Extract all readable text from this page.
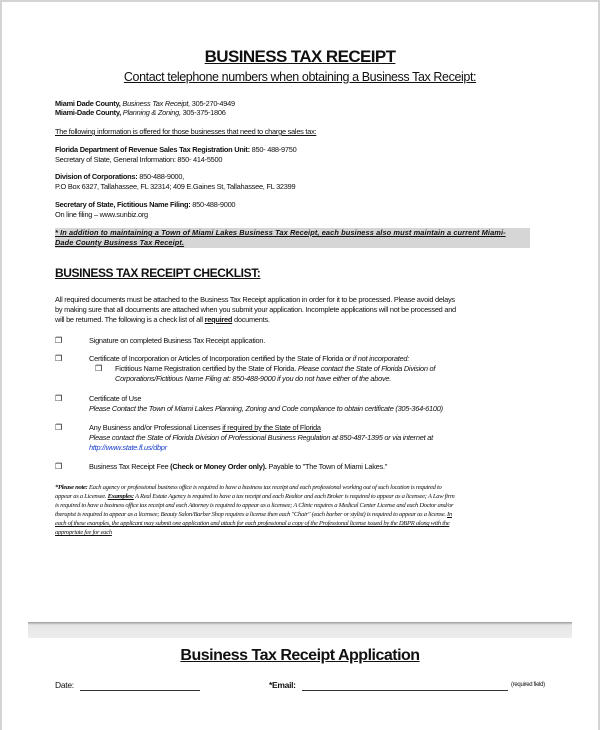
BUSINESS TAX RECEIPT
Contact telephone numbers when obtaining a Business Tax Receipt:
Miami Dade County, Business Tax Receipt, 305-270-4949
Miami-Dade County, Planning & Zoning, 305-375-1806
The following information is offered for those businesses that need to charge sales tax:
Florida Department of Revenue Sales Tax Registration Unit: 850- 488-9750
Secretary of State, General Information: 850- 414-5500
Division of Corporations: 850-488-9000,
P.O Box 6327, Tallahassee, FL 32314; 409 E.Gaines St, Tallahassee, FL 32399
Secretary of State, Fictitious Name Filing: 850-488-9000
On line filing – www.sunbiz.org
* In addition to maintaining a Town of Miami Lakes Business Tax Receipt, each business also must maintain a current Miami-
Dade County Business Tax Receipt.
BUSINESS TAX RECEIPT CHECKLIST:
All required documents must be attached to the Business Tax Receipt application in order for it to be processed. Please avoid delays
by making sure that all documents are attached when you submit your application. Incomplete applications will not be processed and
will be returned. The following is a check list of all required documents.
❒	Signature on completed Business Tax Receipt application.
❒	Certificate of Incorporation or Articles of Incorporation certified by the State of Florida or if not incorporated:
❒ Fictitious Name Registration certified by the State of Florida. Please contact the State of Florida Division of
Corporations/Fictitious Name Filing at: 850-488-9000 if you do not have either of the above.
❒	Certificate of Use
Please Contact the Town of Miami Lakes Planning, Zoning and Code compliance to obtain certificate (305-364-6100)
❒	Any Business and/or Professional Licenses if required by the State of Florida
Please contact the State of Florida Division of Professional Business Regulation at 850-487-1395 or via internet at
http://www.state.fl.us/dbpr
❒	Business Tax Receipt Fee (Check or Money Order only). Payable to "The Town of Miami Lakes."
*Please note: Each agency or professional business office is required to have a business tax receipt and each professional working out of such location is required to
appear as a Licensee. Examples: A Real Estate Agency is required to have a tax receipt and each Realtor and each Broker is required to appear as a licensee; A Law firm
is required to have a business office tax receipt and each Attorney is required to appear as a licensee; A Clinic requires a Medical Center License and each Doctor and/or
therapist is required to appear as a licensee; Beauty Salon/Barber Shop requires a license then each "Chair" (each barber or stylist) is required to appear as a license. In
each of these examples, the applicant may submit one application and attach for each professional a copy of the Professional license issued by the DBPR along with the
appropriate fee for each
Business Tax Receipt Application
Date:	*Email:	(required field)
